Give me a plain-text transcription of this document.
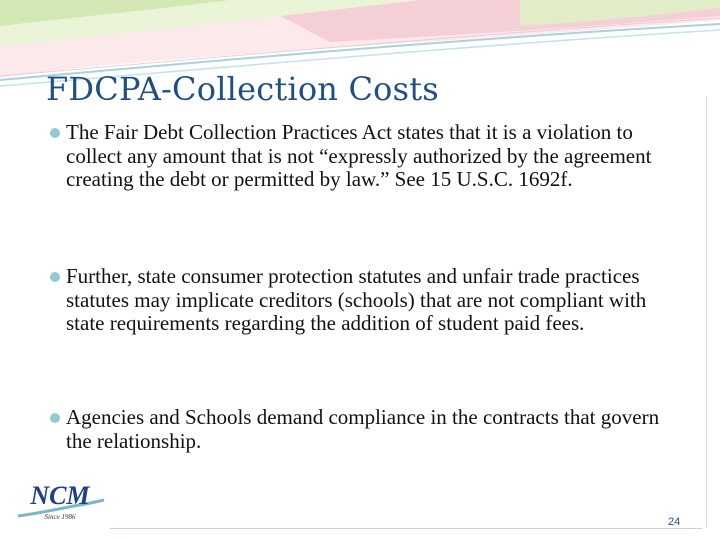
FDCPA-Collection Costs
The Fair Debt Collection Practices Act states that it is a violation to collect any amount that is not “expressly authorized by the agreement creating the debt or permitted by law.” See 15 U.S.C. 1692f.
Further, state consumer protection statutes and unfair trade practices statutes may implicate creditors (schools) that are not compliant with state requirements regarding the addition of student paid fees.
Agencies and Schools demand compliance in the contracts that govern the relationship.
NCM
Since 1986	24
